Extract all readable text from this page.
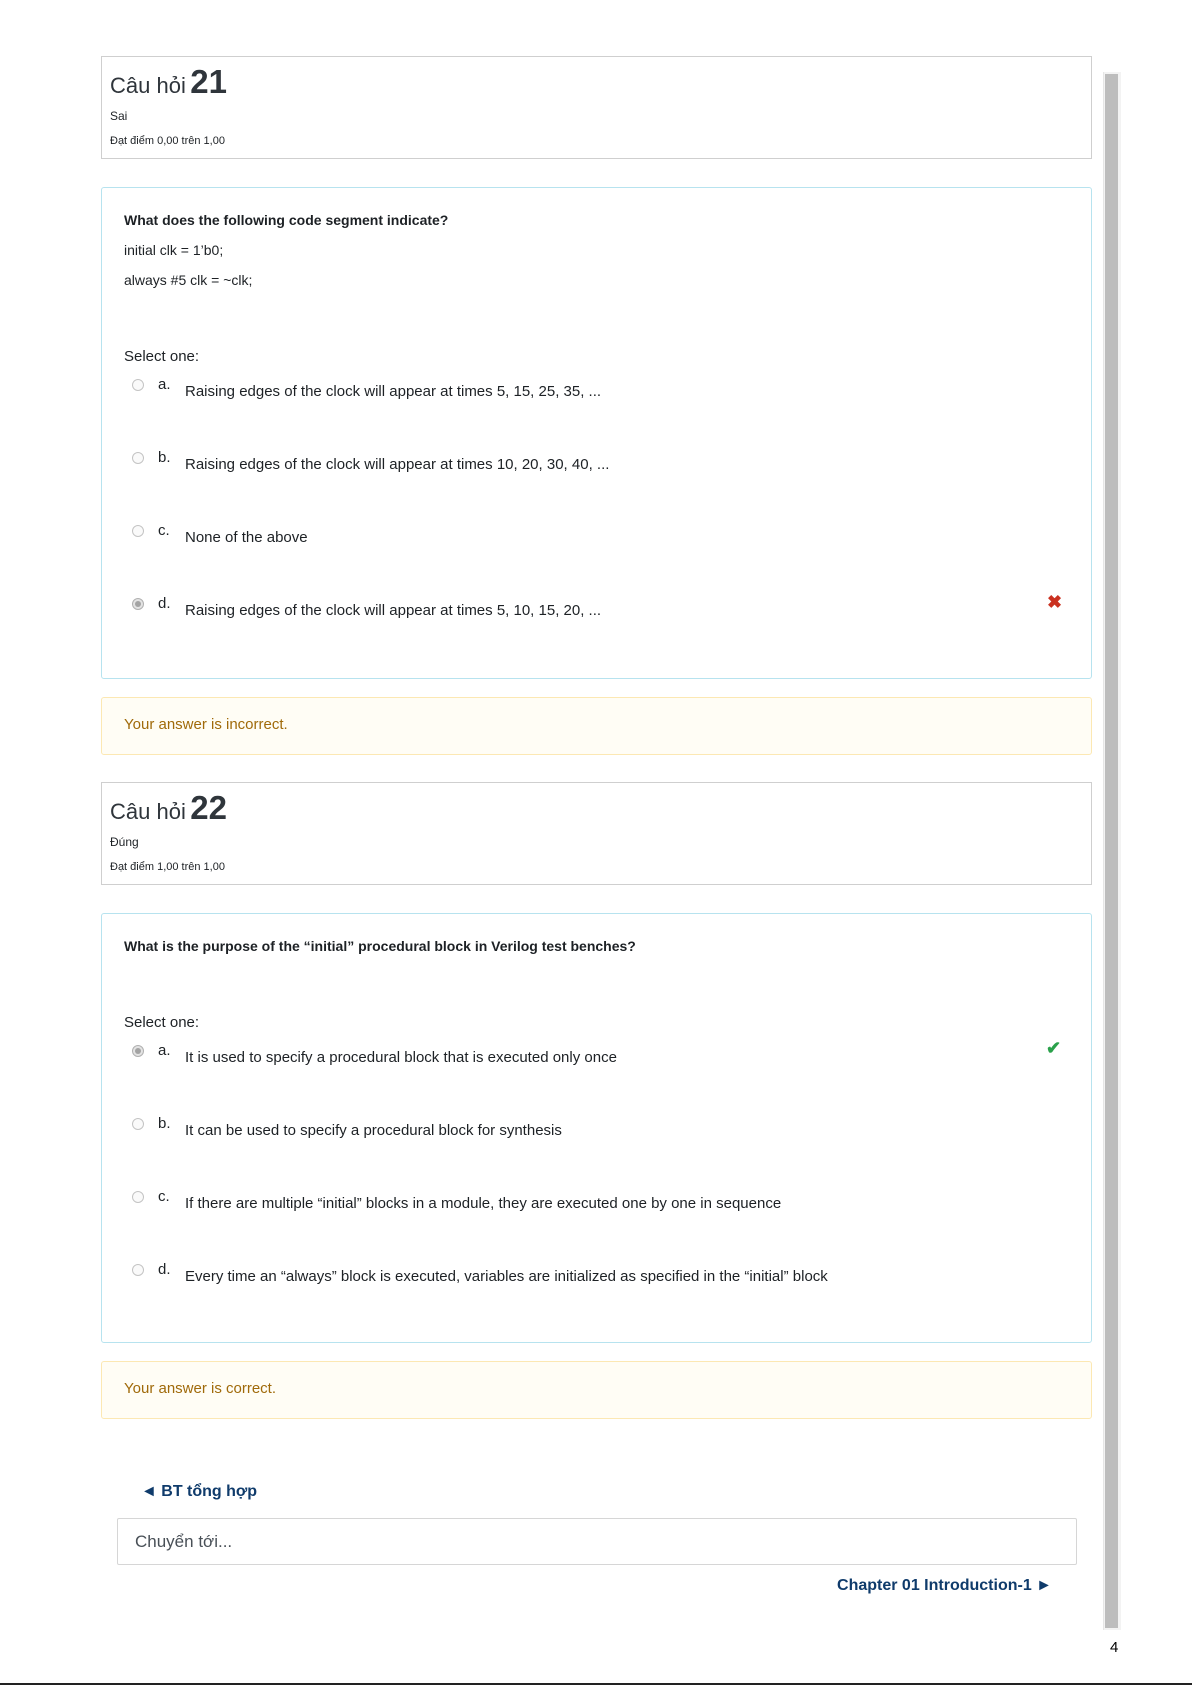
Câu hỏi 21
Sai
Đạt điểm 0,00 trên 1,00
What does the following code segment indicate?
initial clk = 1’b0;
always #5 clk = ~clk;
Select one:
a. Raising edges of the clock will appear at times 5, 15, 25, 35, ...
b. Raising edges of the clock will appear at times 10, 20, 30, 40, ...
c. None of the above
d. Raising edges of the clock will appear at times 5, 10, 15, 20, ...	✖
Your answer is incorrect.
Câu hỏi 22
Đúng
Đạt điểm 1,00 trên 1,00
What is the purpose of the “initial” procedural block in Verilog test benches?
Select one:
a. It is used to specify a procedural block that is executed only once
b. It can be used to specify a procedural block for synthesis
c. If there are multiple “initial” blocks in a module, they are executed one by one in sequence
d. Every time an “always” block is executed, variables are initialized as specified in the “initial” block
✔
Your answer is correct.
◄ BT tổng hợp
Chuyển tới...
Chapter 01 Introduction-1 ►
4
